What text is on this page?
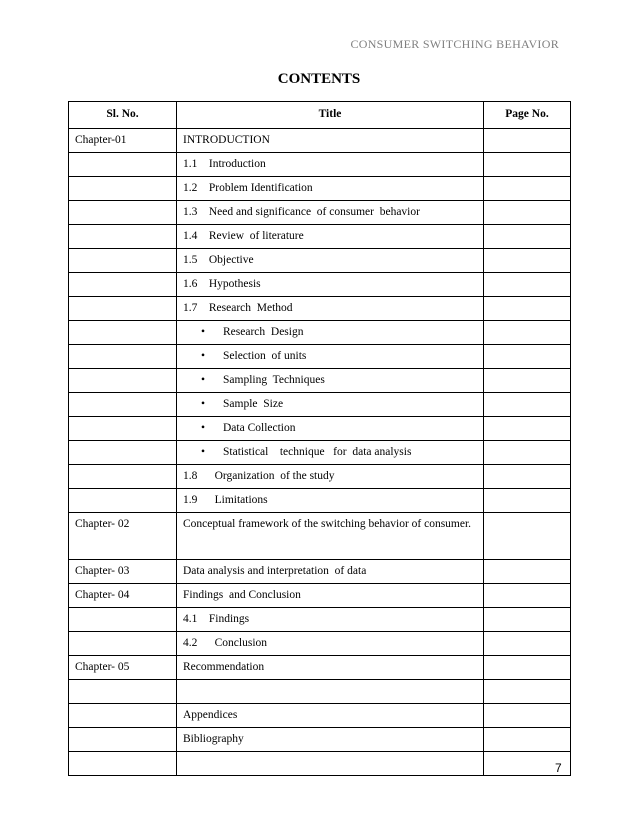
CONSUMER SWITCHING BEHAVIOR
CONTENTS
Sl. No.	Title	Page No.
Chapter-01	INTRODUCTION	
	1.1    Introduction	
	1.2    Problem Identification	
	1.3    Need and significance  of consumer  behavior	
	1.4    Review  of literature	
	1.5    Objective	
	1.6    Hypothesis	
	1.7    Research  Method	
	• Research  Design	
	• Selection  of units	
	• Sampling  Techniques	
	• Sample  Size	
	• Data Collection	
	• Statistical    technique   for  data analysis	
	1.8      Organization  of the study	
	1.9      Limitations	
Chapter- 02	Conceptual framework of the switching behavior of consumer.	
Chapter- 03	Data analysis and interpretation  of data	
Chapter- 04	Findings  and Conclusion	
	4.1    Findings	
	4.2      Conclusion	
Chapter- 05	Recommendation	

	Appendices	
	Bibliography	

7
